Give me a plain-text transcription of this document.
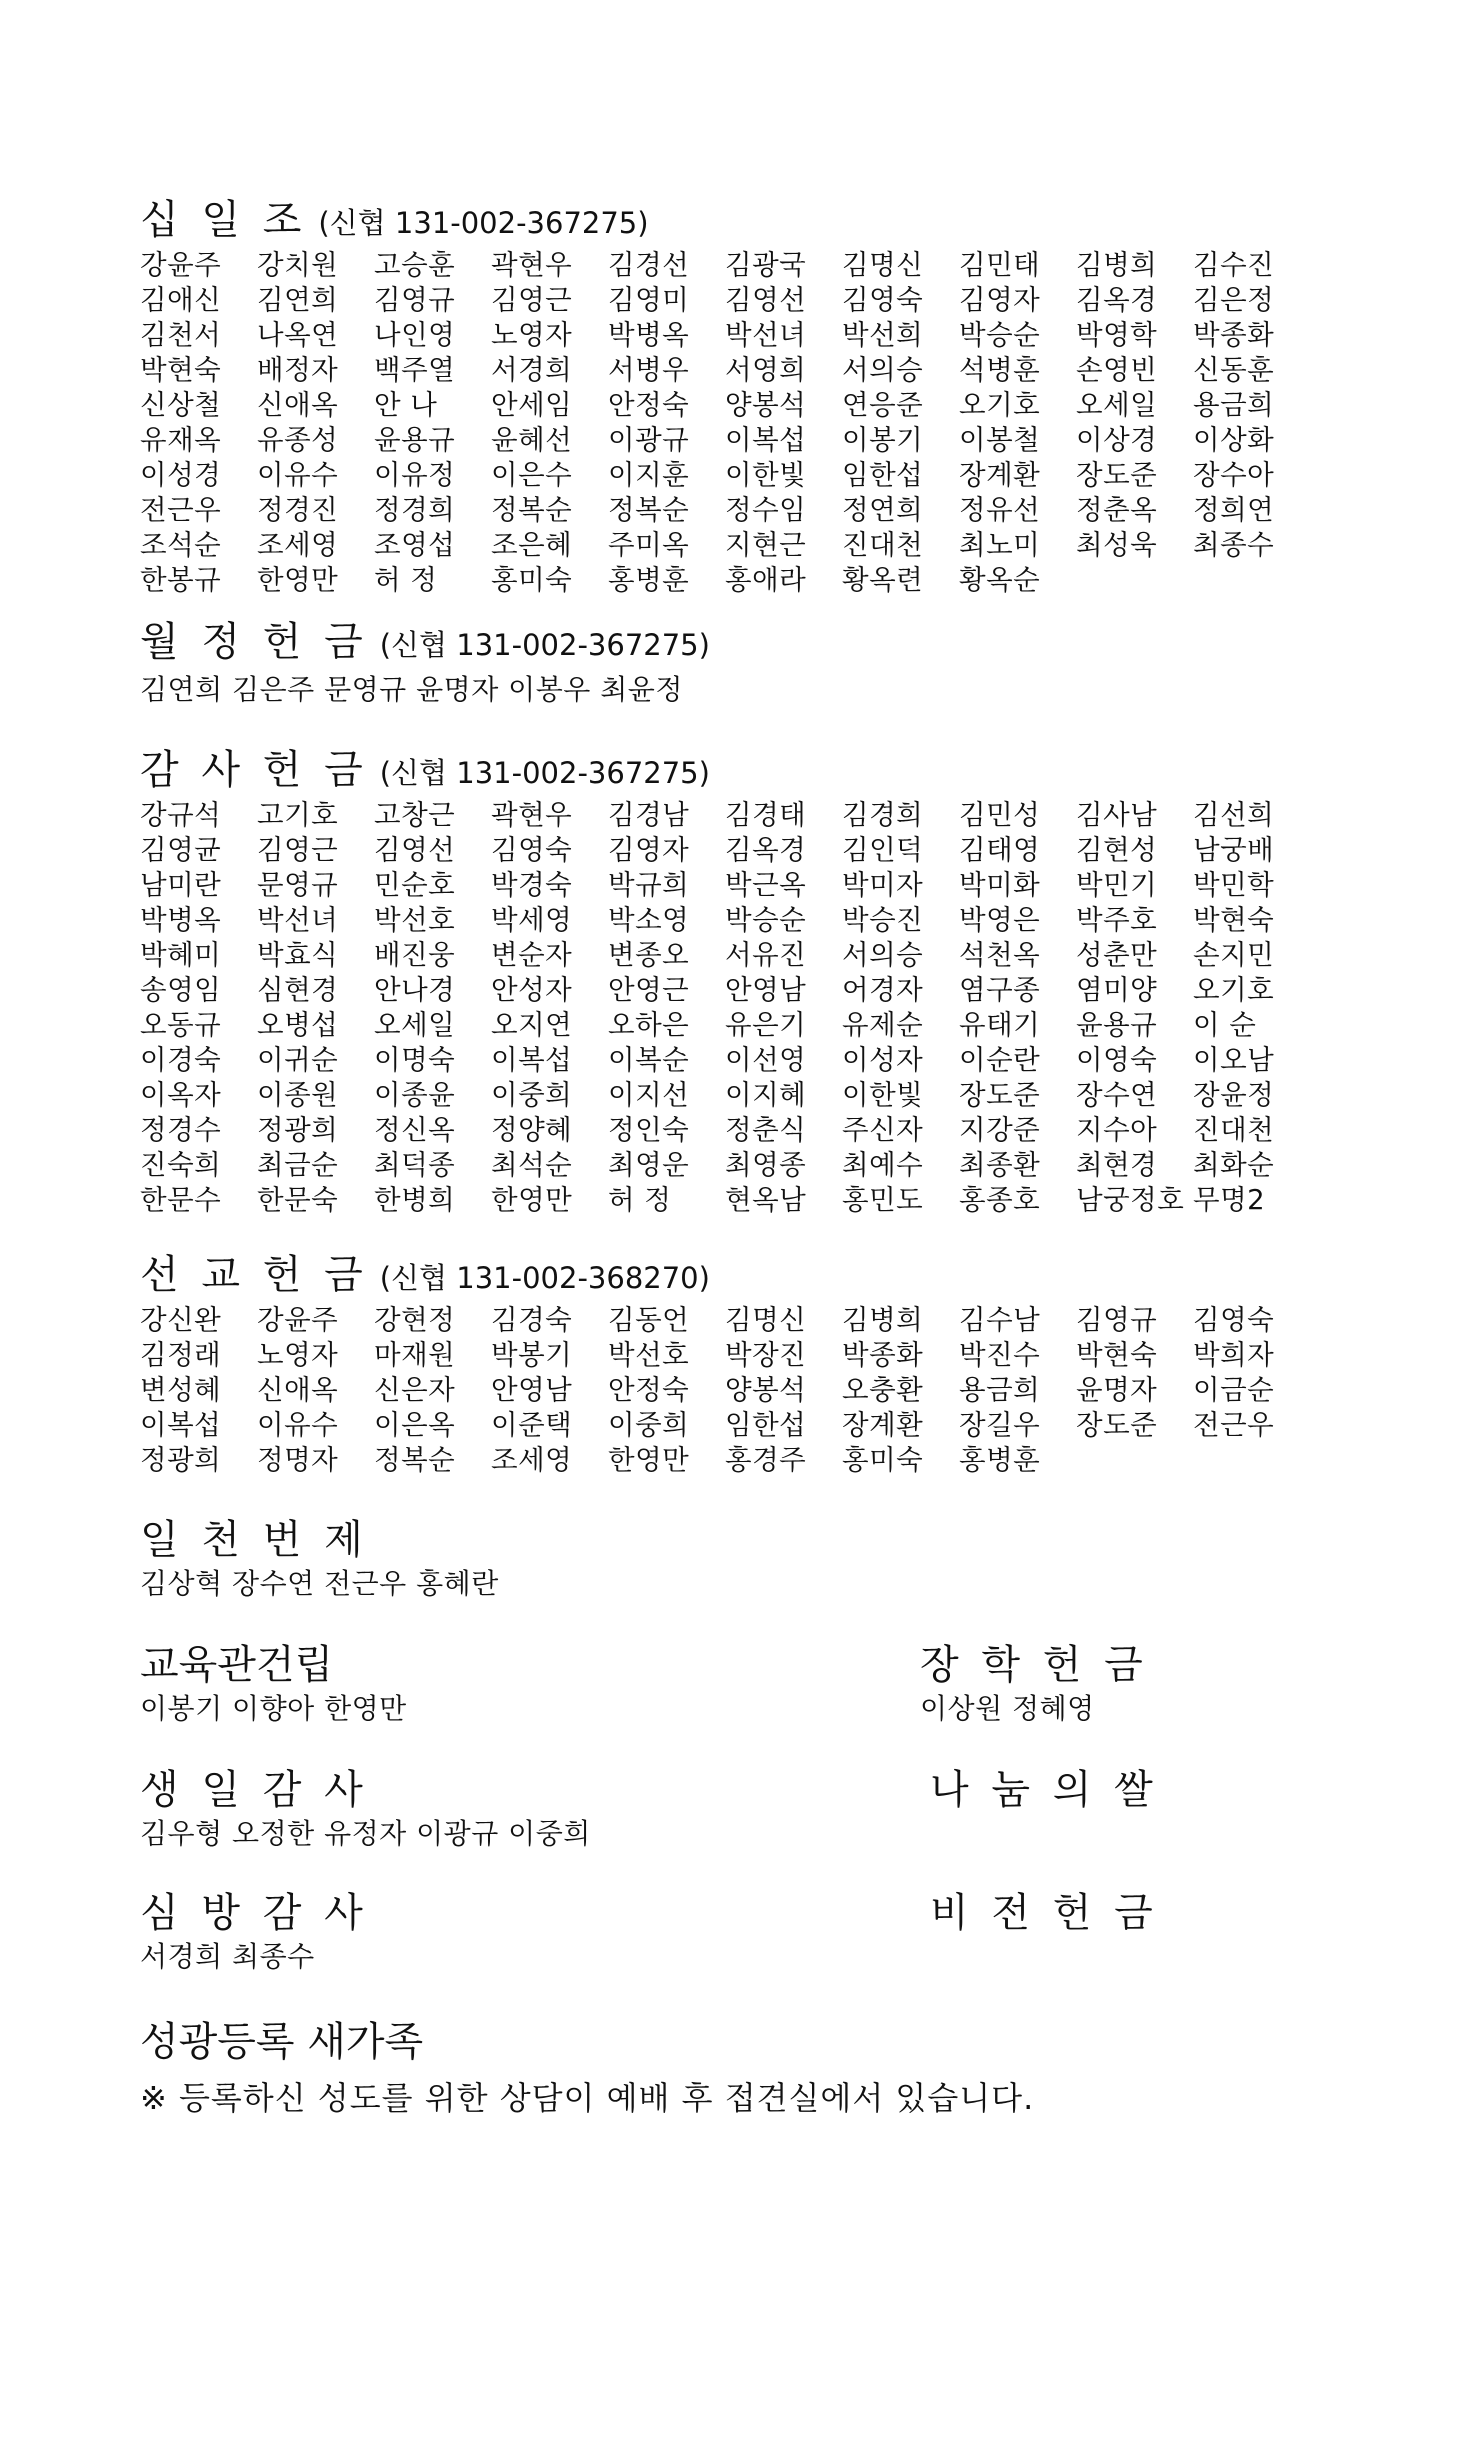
십 일 조 (신협 131-002-367275)
강윤주	강치원	고승훈	곽현우	김경선	김광국	김명신	김민태	김병희	김수진
김애신	김연희	김영규	김영근	김영미	김영선	김영숙	김영자	김옥경	김은정
김천서	나옥연	나인영	노영자	박병옥	박선녀	박선희	박승순	박영학	박종화
박현숙	배정자	백주열	서경희	서병우	서영희	서의승	석병훈	손영빈	신동훈
신상철	신애옥	안 나	안세임	안정숙	양봉석	연응준	오기호	오세일	용금희
유재옥	유종성	윤용규	윤혜선	이광규	이복섭	이봉기	이봉철	이상경	이상화
이성경	이유수	이유정	이은수	이지훈	이한빛	임한섭	장계환	장도준	장수아
전근우	정경진	정경희	정복순	정복순	정수임	정연희	정유선	정춘옥	정희연
조석순	조세영	조영섭	조은혜	주미옥	지현근	진대천	최노미	최성욱	최종수
한봉규	한영만	허 정	홍미숙	홍병훈	홍애라	황옥련	황옥순
월 정 헌 금 (신협 131-002-367275)
김연희 김은주 문영규 윤명자 이봉우 최윤정
감 사 헌 금 (신협 131-002-367275)
강규석	고기호	고창근	곽현우	김경남	김경태	김경희	김민성	김사남	김선희
김영균	김영근	김영선	김영숙	김영자	김옥경	김인덕	김태영	김현성	남궁배
남미란	문영규	민순호	박경숙	박규희	박근옥	박미자	박미화	박민기	박민학
박병옥	박선녀	박선호	박세영	박소영	박승순	박승진	박영은	박주호	박현숙
박혜미	박효식	배진웅	변순자	변종오	서유진	서의승	석천옥	성춘만	손지민
송영임	심현경	안나경	안성자	안영근	안영남	어경자	염구종	염미양	오기호
오동규	오병섭	오세일	오지연	오하은	유은기	유제순	유태기	윤용규	이 순
이경숙	이귀순	이명숙	이복섭	이복순	이선영	이성자	이순란	이영숙	이오남
이옥자	이종원	이종윤	이중희	이지선	이지혜	이한빛	장도준	장수연	장윤정
정경수	정광희	정신옥	정양혜	정인숙	정춘식	주신자	지강준	지수아	진대천
진숙희	최금순	최덕종	최석순	최영운	최영종	최예수	최종환	최현경	최화순
한문수	한문숙	한병희	한영만	허 정	현옥남	홍민도	홍종호	남궁정호 무명2
선 교 헌 금 (신협 131-002-368270)
강신완	강윤주	강현정	김경숙	김동언	김명신	김병희	김수남	김영규	김영숙
김정래	노영자	마재원	박봉기	박선호	박장진	박종화	박진수	박현숙	박희자
변성혜	신애옥	신은자	안영남	안정숙	양봉석	오충환	용금희	윤명자	이금순
이복섭	이유수	이은옥	이준택	이중희	임한섭	장계환	장길우	장도준	전근우
정광희	정명자	정복순	조세영	한영만	홍경주	홍미숙	홍병훈
일 천 번 제
김상혁 장수연 전근우 홍혜란
교육관건립
이봉기 이향아 한영만
장 학 헌 금
이상원 정혜영
생 일 감 사
김우형 오정한 유정자 이광규 이중희
나 눔 의 쌀
심 방 감 사
서경희 최종수
비 전 헌 금
성광등록 새가족
※ 등록하신 성도를 위한 상담이 예배 후 접견실에서 있습니다.
